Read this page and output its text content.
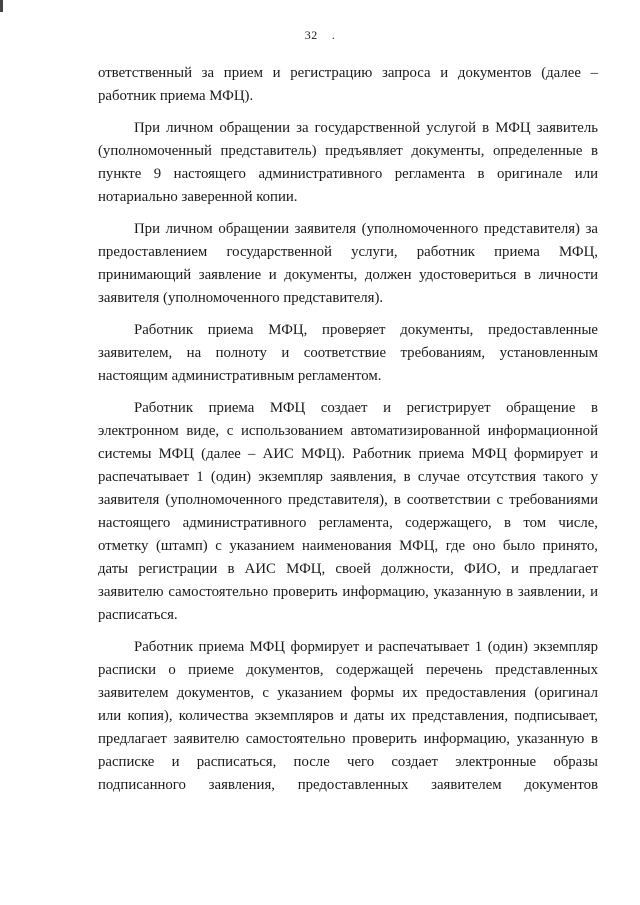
32 .

ответственный за прием и регистрацию запроса и документов (далее –
работник приема МФЦ).

При личном обращении за государственной услугой в МФЦ заявитель
(уполномоченный представитель) предъявляет документы, определенные в
пункте 9 настоящего административного регламента в оригинале или
нотариально заверенной копии.

При личном обращении заявителя (уполномоченного представителя) за
предоставлением государственной услуги, работник приема МФЦ,
принимающий заявление и документы, должен удостовериться в личности
заявителя (уполномоченного представителя).

Работник приема МФЦ, проверяет документы, предоставленные
заявителем, на полноту и соответствие требованиям, установленным
настоящим административным регламентом.

Работник приема МФЦ создает и регистрирует обращение в
электронном виде, с использованием автоматизированной информационной
системы МФЦ (далее – АИС МФЦ). Работник приема МФЦ формирует и
распечатывает 1 (один) экземпляр заявления, в случае отсутствия такого у
заявителя (уполномоченного представителя), в соответствии с требованиями
настоящего административного регламента, содержащего, в том числе,
отметку (штамп) с указанием наименования МФЦ, где оно было принято,
даты регистрации в АИС МФЦ, своей должности, ФИО, и предлагает
заявителю самостоятельно проверить информацию, указанную в заявлении, и
расписаться.

Работник приема МФЦ формирует и распечатывает 1 (один) экземпляр
расписки о приеме документов, содержащей перечень представленных
заявителем документов, с указанием формы их предоставления (оригинал
или копия), количества экземпляров и даты их представления, подписывает,
предлагает заявителю самостоятельно проверить информацию, указанную в
расписке и расписаться, после чего создает электронные образы
подписанного заявления, предоставленных заявителем документов
